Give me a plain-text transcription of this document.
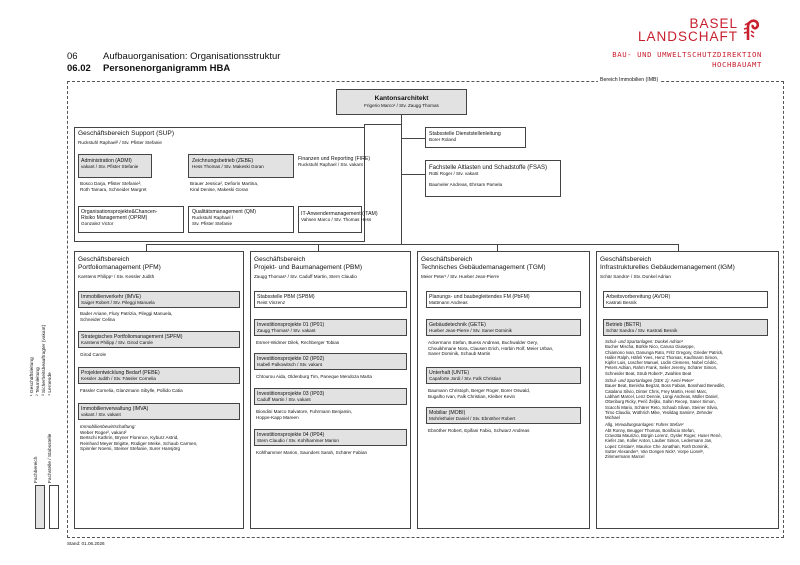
06	Aufbauorganisation: Organisationsstruktur
06.02 Personenorganigramm HBA
BASEL
LANDSCHAFT
BAU- UND UMWELTSCHUTZDIREKTION
HOCHBAUAMT
Bereich Immobilien (IMB)
Kantonsarchitekt
Frigerio Marco¹ / Stv. Zaugg Thomas
Geschäftsbereich Support (SUP)
Ruckstuhl Raphael² / Stv. Pfister Stefanie
Administration (ADMI)
vakant / Stv. Pfister Stefanie
Bosco Darja, Pfister Stefanie²,
Roth Tamara, Schneider Margret
Zeichnungsbetrieb (ZEBE)
Hess Thomas / Stv. Makeski Goran
Brauer Jessica², Defiorin Martina,
Kiral Denise, Makeski Goran
Finanzen und Reporting (FIRE)
Ruckstuhl Raphael / Stv. vakant
Organisationsprojekte&Chancen-
Risiko Management (OPRM)
Gonzalez Victor
Qualitätsmanagement (QM)
Ruckstuhl Raphael /
Stv. Pfister Stefanie
IT-Anwendermanagement (ITAM)
Vahsen Marco / Stv. Thomas Hess
Stabsstelle Dienststellenleitung
Borer Roland
Fachstelle Altlasten und Schadstoffe (FSAS)
Rütti Roger / Stv. vakant
Baumeler Andreas, Ehrsam Pamela
Geschäftsbereich
Portfoliomanagement (PFM)
Karstens Philipp¹ / Stv. Kessler Judith
Immobilienverkehr (IMVE)
Saiger Robert / Stv. Pileggi Manuela
Bader Ariane, Flury Patrizia, Pileggi Manuela,
Schneider Celina
Strategisches Portfoliomanagement (SPFM)
Karstens Philipp / Stv. Girod Carole
Girod Carole
Projektentwicklung Bedarf (PEBE)
Kessler Judith / Stv. Fässler Cornelia
Fässler Cornelia, Glanzmann Sibylle, Pollido Catia
Immobilienverwaltung (IMVA)
vakant / Stv. vakant
Immobilienbewirtschaftung:
Weber Roger², vakant²
Bertschi Kathrin, Bryner Florence, Kyburz Astrid,
Reinhard Meyer Brigitte, Rüdiger Meike, Schaub Carmen,
Spinnler Noemi, Steiner Stefanie, Surer Hansjörg
Geschäftsbereich
Projekt- und Baumanagement (PBM)
Zaugg Thomas¹ / Stv. Caduff Martin, Stern Claudio
Stabsstelle PBM (SPBM)
Reist Vinzenz
Investitionsprojekte 01 (IP01)
Zaugg Thomas¹ / Stv. vakant
Esmer-Widmer Dilek, Rechberger Tobias
Investitionsprojekte 02 (IP02)
Isabell Palkowitsch / Stv. vakant
Chtourou Aida, Oldenburg Tim, Paneque Mendoza Marta
Investitionsprojekte 03 (IP03)
Caduff Martin / Stv. vakant
Biondini Marco Salvatore, Fuhrmann Benjamin,
Hoppe-Kapp Mareen
Investitionsprojekte 04 (IP04)
Stern Claudio / Stv. Kohlhammer Marion
Kohlhammer Marion, Saunders Sarah, Schärer Fabian
Geschäftsbereich
Technisches Gebäudemanagement (TGM)
Meier Peter¹ / Stv. Hueber Jean-Pierre
Planungs- und baubegleitendes FM (PbFM)
Mattmann Andreas
Gebäudetechnik (GETE)
Hueber Jean-Pierre / Stv. Saner Dominik
Ackermann Stefan, Buess Andreas, Buchwalder Gery,
Chouikhmane Nora, Clausen Erich, Hürbin Rolf, Meier Urban,
Saner Dominik, Schaub Martin
Unterhalt (UNTE)
Capaforte Jordi / Stv. Falk Christian
Baumann Christoph, Berger Roger, Borer Oswald,
Bugalho Ivan, Falk Christian, Kleiber Kevin
Mobiliar (MOBI)
Mohrlethaler Daniel / Stv. Ebnöther Robert
Ebnöther Robert, Epifani Fabio, Schwarz Andreas
Geschäftsbereich
Infrastrukturelles Gebäudemanagement (IGM)
Schär Sandra¹ / Stv. Dunkel Adrian
Arbeitsvorbereitung (AVOR)
Kastrati Besnik
Betrieb (BETR)
Schär Sandra / Stv. Kastrati Besnik
Schul- und Spartanlagen: Dunkel Adrian²
Bucher Mischa, Bürkle Nico, Caruso Giuseppe,
Chiamono Ivan, Danunga Rato, Fritz Gregory, Grieder Patrick,
Haller Ralph, Häfeli Yves, Henz Thomas, Kaufmann Simon,
Kipfer Luis, Lüscher Manuel, Lüdin Clemens, Nobel Cédric,
Peters Adrian, Rahm Frank, Seiler Jeremy, Schärer Simon,
Schneider Beat, Strub Robert², Zwahlen Beat
Schul- und Sportanlagen (SEK 1): Aemi Peter²
Bauer Beat, Benisha Begzat, Boss Fabian, Bosshard Benedikt,
Catalano Silvio, Dinter Chris, Frey Martin, Henri Marc,
Labhart Marcel, Lenz Dennie, Lüngi Andreas, Müller Daniel,
Ottenburg Ricky, Perić Željko, Sahin Recep, Saner Simon,
Scacchi Mario, Schärer Reto, Schaub Silvan, Steiner Silvio,
Timo Claudio, Wüthrich Mike, Yesildag Samim², Zehnder
Michael
Allg. Verwaltungsanlagen: Fuhrer Stefan²
Abt Ronny, Beugger Thomas, Bonifacio Stefan,
Cravotta Maurizio, Bürgin Lorenz, Gysler Roger, Huser René,
Kiefer Jan, Koller Anton, Lauber Simon, Ledermann Jan,
Lopez Cristian², Maurice Che Jonathan, Roth Dominik,
Sutter Alexander², Van Dongen Nick², Vorpe Lionel²,
Zimmermann Marcel
Fachbereich Fachstelle / Stabsstelle
¹ Geschäftsleitung ² Teamleitung ³ Sicherheitsbeauftragter (vakant) ⁴ Lernende
Stand: 01.06.2026
